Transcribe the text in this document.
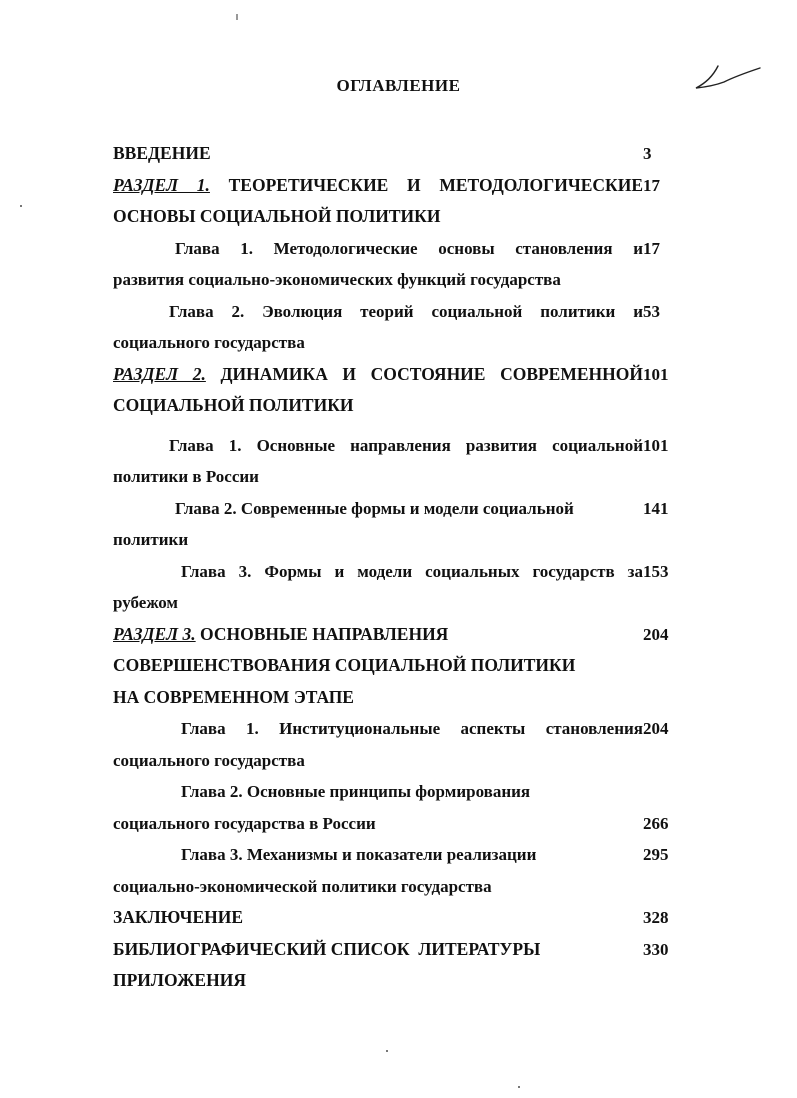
ОГЛАВЛЕНИЕ
ВВЕДЕНИЕ	3
РАЗДЕЛ 1. ТЕОРЕТИЧЕСКИЕ И МЕТОДОЛОГИЧЕСКИЕ 17
ОСНОВЫ СОЦИАЛЬНОЙ ПОЛИТИКИ
Глава 1. Методологические основы становления и 17
развития социально-экономических функций государства
Глава 2. Эволюция теорий социальной политики и 53
социального государства
РАЗДЕЛ 2. ДИНАМИКА И СОСТОЯНИЕ СОВРЕМЕННОЙ 101
СОЦИАЛЬНОЙ ПОЛИТИКИ
Глава 1. Основные направления развития социальной 101
политики в России
Глава 2. Современные формы и модели социальной	141
политики
Глава 3. Формы и модели социальных государств за 153
рубежом
РАЗДЕЛ 3. ОСНОВНЫЕ НАПРАВЛЕНИЯ	204
СОВЕРШЕНСТВОВАНИЯ СОЦИАЛЬНОЙ ПОЛИТИКИ
НА СОВРЕМЕННОМ ЭТАПЕ
Глава 1. Институциональные аспекты становления 204
социального государства
Глава 2. Основные принципы формирования
социального государства в России	266
Глава 3. Механизмы и показатели реализации	295
социально-экономической политики государства
ЗАКЛЮЧЕНИЕ	328
БИБЛИОГРАФИЧЕСКИЙ СПИСОК  ЛИТЕРАТУРЫ	330
ПРИЛОЖЕНИЯ
